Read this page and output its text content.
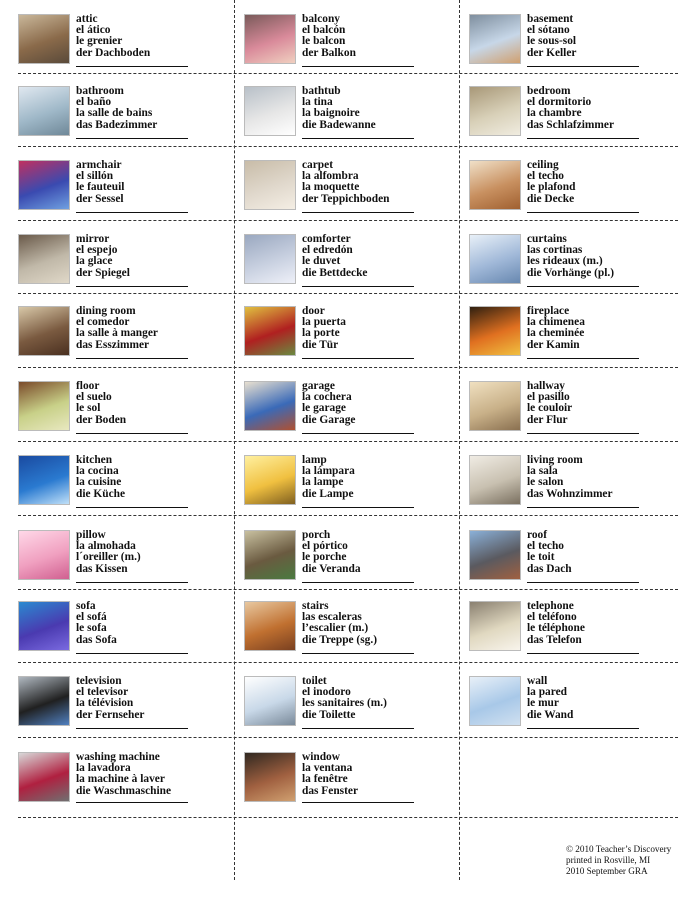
attic
el ático
le grenier
der Dachboden
balcony
el balcón
le balcon
der Balkon
basement
el sótano
le sous-sol
der Keller
bathroom
el baño
la salle de bains
das Badezimmer
bathtub
la tina
la baignoire
die Badewanne
bedroom
el dormitorio
la chambre
das Schlafzimmer
armchair
el sillón
le fauteuil
der Sessel
carpet
la alfombra
la moquette
der Teppichboden
ceiling
el techo
le plafond
die Decke
mirror
el espejo
la glace
der Spiegel
comforter
el edredón
le duvet
die Bettdecke
curtains
las cortinas
les rideaux (m.)
die Vorhänge (pl.)
dining room
el comedor
la salle à manger
das Esszimmer
door
la puerta
la porte
die Tür
fireplace
la chimenea
la cheminée
der Kamin
floor
el suelo
le sol
der Boden
garage
la cochera
le garage
die Garage
hallway
el pasillo
le couloir
der Flur
kitchen
la cocina
la cuisine
die Küche
lamp
la lámpara
la lampe
die Lampe
living room
la sala
le salon
das Wohnzimmer
pillow
la almohada
l´oreiller (m.)
das Kissen
porch
el pórtico
le porche
die Veranda
roof
el techo
le toit
das Dach
sofa
el sofá
le sofa
das Sofa
stairs
las escaleras
l’escalier (m.)
die Treppe (sg.)
telephone
el teléfono
le téléphone
das Telefon
television
el televisor
la télévision
der Fernseher
toilet
el inodoro
les sanitaires (m.)
die Toilette
wall
la pared
le mur
die Wand
washing machine
la lavadora
la machine à laver
die Waschmaschine
window
la ventana
la fenêtre
das Fenster
© 2010 Teacher’s Discovery
printed in Rosville, MI
2010 September GRA
